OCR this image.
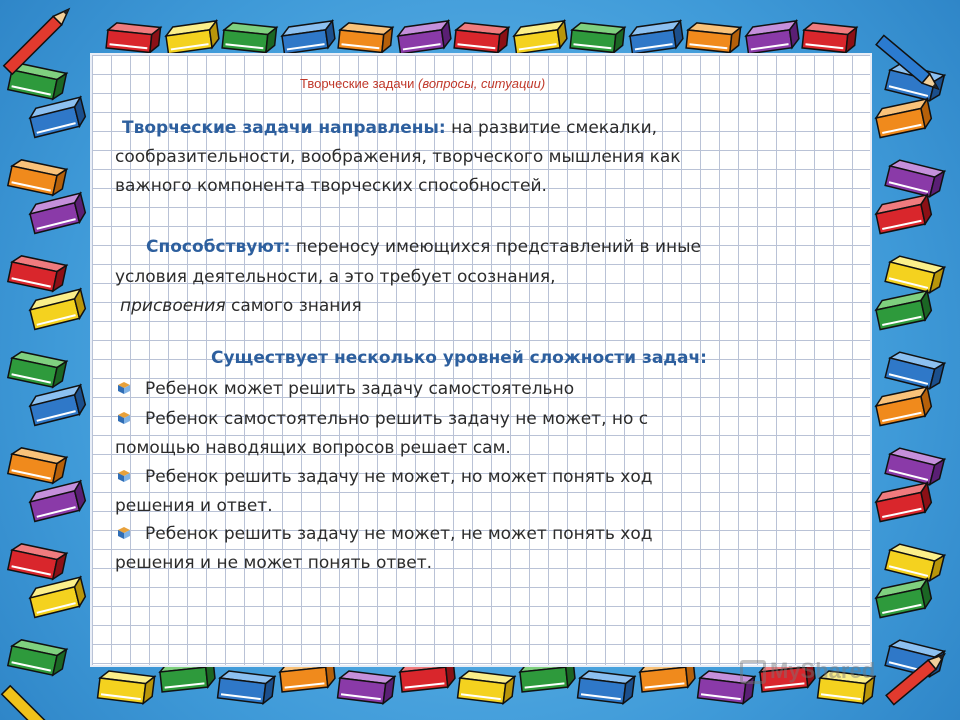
Творческие задачи (вопросы, ситуации)
Творческие задачи направлены: на развитие смекалки,
сообразительности, воображения, творческого мышления как
важного компонента творческих способностей.
Способствуют: переносу имеющихся представлений в иные
условия деятельности, а это требует осознания,
присвоения самого знания
Существует несколько уровней сложности задач:
Ребенок может решить задачу самостоятельно
Ребенок самостоятельно решить задачу не может, но с
помощью наводящих вопросов решает сам.
Ребенок решить задачу не может, но может понять ход
решения и ответ.
Ребенок решить задачу не может, не может понять ход
решения и не может понять ответ.
MyShared
